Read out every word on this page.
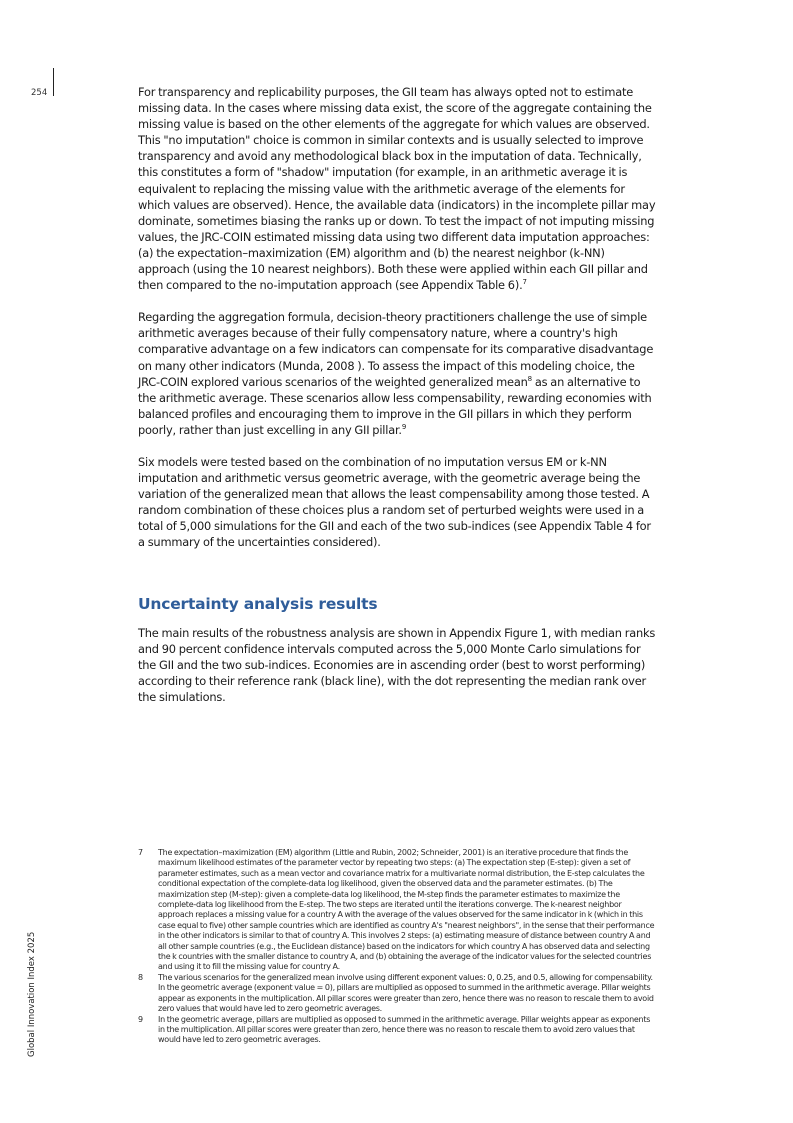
254
Global Innovation Index 2025

For transparency and replicability purposes, the GII team has always opted not to estimate missing data. In the cases where missing data exist, the score of the aggregate containing the missing value is based on the other elements of the aggregate for which values are observed. This "no imputation" choice is common in similar contexts and is usually selected to improve transparency and avoid any methodological black box in the imputation of data. Technically, this constitutes a form of "shadow" imputation (for example, in an arithmetic average it is equivalent to replacing the missing value with the arithmetic average of the elements for which values are observed). Hence, the available data (indicators) in the incomplete pillar may dominate, sometimes biasing the ranks up or down. To test the impact of not imputing missing values, the JRC-COIN estimated missing data using two different data imputation approaches: (a) the expectation–maximization (EM) algorithm and (b) the nearest neighbor (k-NN) approach (using the 10 nearest neighbors). Both these were applied within each GII pillar and then compared to the no-imputation approach (see Appendix Table 6).$^7$

Regarding the aggregation formula, decision-theory practitioners challenge the use of simple arithmetic averages because of their fully compensatory nature, where a country's high comparative advantage on a few indicators can compensate for its comparative disadvantage on many other indicators (Munda, 2008 ). To assess the impact of this modeling choice, the JRC-COIN explored various scenarios of the weighted generalized mean$^8$ as an alternative to the arithmetic average. These scenarios allow less compensability, rewarding economies with balanced profiles and encouraging them to improve in the GII pillars in which they perform poorly, rather than just excelling in any GII pillar.$^9$

Six models were tested based on the combination of no imputation versus EM or k-NN imputation and arithmetic versus geometric average, with the geometric average being the variation of the generalized mean that allows the least compensability among those tested. A random combination of these choices plus a random set of perturbed weights were used in a total of 5,000 simulations for the GII and each of the two sub-indices (see Appendix Table 4 for a summary of the uncertainties considered).

Uncertainty analysis results

The main results of the robustness analysis are shown in Appendix Figure 1, with median ranks and 90 percent confidence intervals computed across the 5,000 Monte Carlo simulations for the GII and the two sub-indices. Economies are in ascending order (best to worst performing) according to their reference rank (black line), with the dot representing the median rank over the simulations.

7	The expectation–maximization (EM) algorithm (Little and Rubin, 2002; Schneider, 2001) is an iterative procedure that finds the maximum likelihood estimates of the parameter vector by repeating two steps: (a) The expectation step (E-step): given a set of parameter estimates, such as a mean vector and covariance matrix for a multivariate normal distribution, the E-step calculates the conditional expectation of the complete-data log likelihood, given the observed data and the parameter estimates. (b) The maximization step (M-step): given a complete-data log likelihood, the M-step finds the parameter estimates to maximize the complete-data log likelihood from the E-step. The two steps are iterated until the iterations converge. The k-nearest neighbor approach replaces a missing value for a country A with the average of the values observed for the same indicator in k (which in this case equal to five) other sample countries which are identified as country A's "nearest neighbors", in the sense that their performance in the other indicators is similar to that of country A. This involves 2 steps: (a) estimating measure of distance between country A and all other sample countries (e.g., the Euclidean distance) based on the indicators for which country A has observed data and selecting the k countries with the smaller distance to country A, and (b) obtaining the average of the indicator values for the selected countries and using it to fill the missing value for country A.
8	The various scenarios for the generalized mean involve using different exponent values: 0, 0.25, and 0.5, allowing for compensability. In the geometric average (exponent value = 0), pillars are multiplied as opposed to summed in the arithmetic average. Pillar weights appear as exponents in the multiplication. All pillar scores were greater than zero, hence there was no reason to rescale them to avoid zero values that would have led to zero geometric averages.
9	In the geometric average, pillars are multiplied as opposed to summed in the arithmetic average. Pillar weights appear as exponents in the multiplication. All pillar scores were greater than zero, hence there was no reason to rescale them to avoid zero values that would have led to zero geometric averages.
